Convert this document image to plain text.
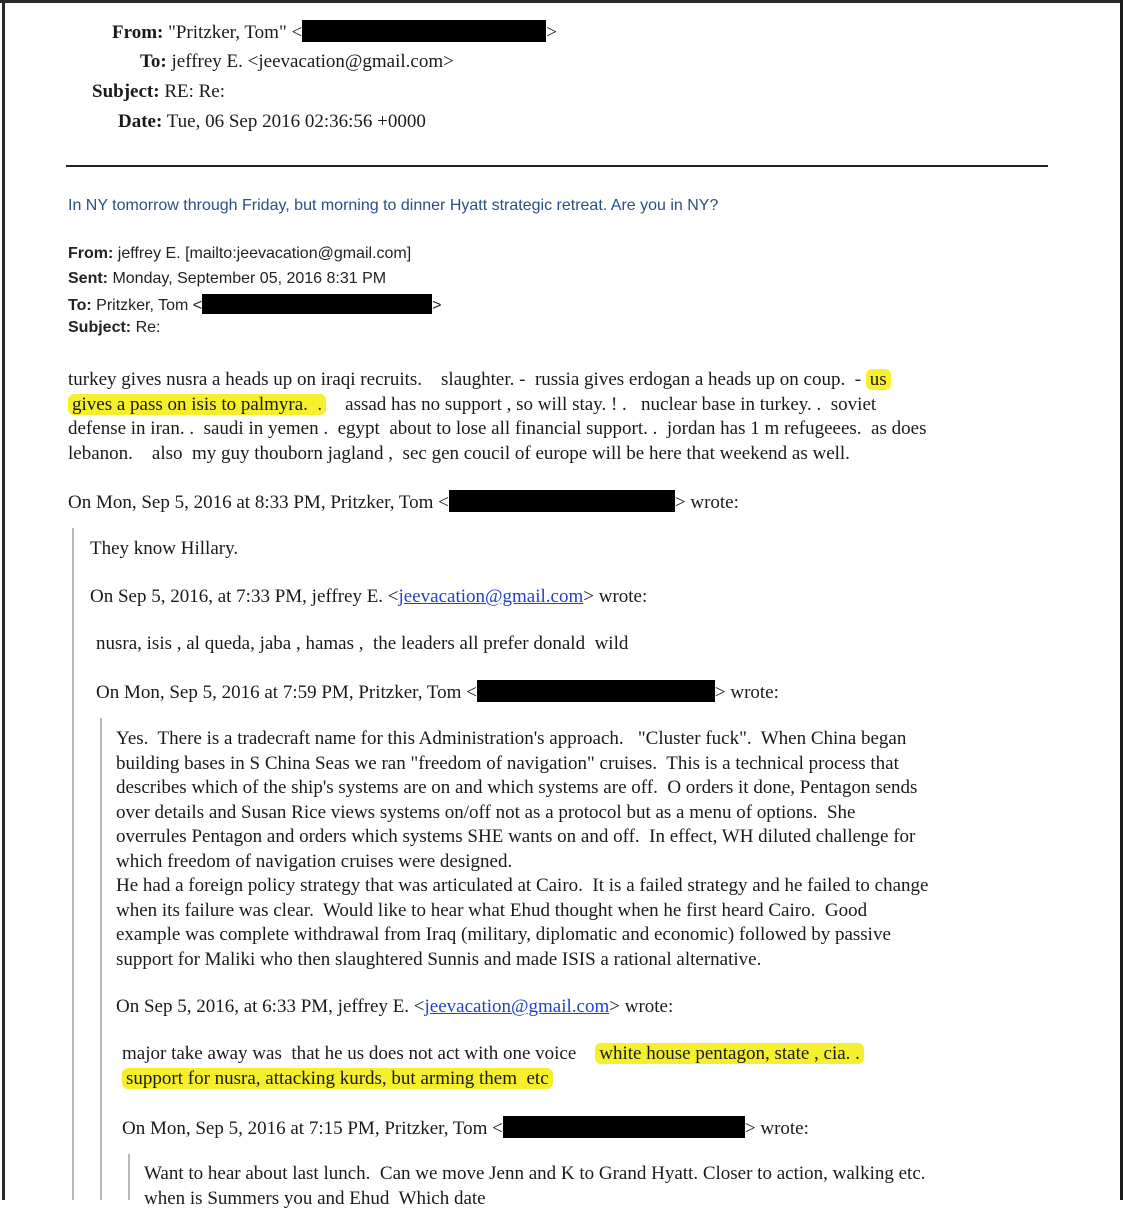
From: "Pritzker, Tom" <	>
To: jeffrey E. <jeevacation@gmail.com>
Subject: RE: Re:
Date: Tue, 06 Sep 2016 02:36:56 +0000
In NY tomorrow through Friday, but morning to dinner Hyatt strategic retreat. Are you in NY?
From: jeffrey E. [mailto:jeevacation@gmail.com]
Sent: Monday, September 05, 2016 8:31 PM
To: Pritzker, Tom <	>
Subject: Re:
turkey gives nusra a heads up on iraqi recruits.    slaughter. -  russia gives erdogan a heads up on coup.  - us
gives a pass on isis to palmyra.  .    assad has no support , so will stay. ! .   nuclear base in turkey. .  soviet
defense in iran. .  saudi in yemen .  egypt  about to lose all financial support. .  jordan has 1 m refugeees.  as does
lebanon.    also  my guy thouborn jagland ,  sec gen coucil of europe will be here that weekend as well.
On Mon, Sep 5, 2016 at 8:33 PM, Pritzker, Tom <	> wrote:
They know Hillary.
On Sep 5, 2016, at 7:33 PM, jeffrey E. <jeevacation@gmail.com> wrote:
nusra, isis , al queda, jaba , hamas ,  the leaders all prefer donald  wild
On Mon, Sep 5, 2016 at 7:59 PM, Pritzker, Tom <	> wrote:
Yes.  There is a tradecraft name for this Administration's approach.   "Cluster fuck".  When China began
building bases in S China Seas we ran "freedom of navigation" cruises.  This is a technical process that
describes which of the ship's systems are on and which systems are off.  O orders it done, Pentagon sends
over details and Susan Rice views systems on/off not as a protocol but as a menu of options.  She
overrules Pentagon and orders which systems SHE wants on and off.  In effect, WH diluted challenge for
which freedom of navigation cruises were designed.
He had a foreign policy strategy that was articulated at Cairo.  It is a failed strategy and he failed to change
when its failure was clear.  Would like to hear what Ehud thought when he first heard Cairo.  Good
example was complete withdrawal from Iraq (military, diplomatic and economic) followed by passive
support for Maliki who then slaughtered Sunnis and made ISIS a rational alternative.
On Sep 5, 2016, at 6:33 PM, jeffrey E. <jeevacation@gmail.com> wrote:
major take away was  that he us does not act with one voice    white house pentagon, state , cia. .
support for nusra, attacking kurds, but arming them  etc
On Mon, Sep 5, 2016 at 7:15 PM, Pritzker, Tom <	> wrote:
Want to hear about last lunch.  Can we move Jenn and K to Grand Hyatt. Closer to action, walking etc.
when is Summers you and Ehud  Which date
